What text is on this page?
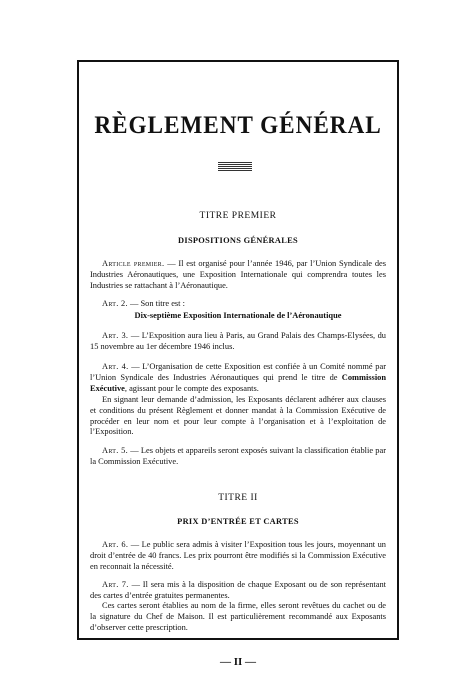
RÈGLEMENT GÉNÉRAL
TITRE PREMIER
DISPOSITIONS GÉNÉRALES
Article premier. — Il est organisé pour l’année 1946, par l’Union Syndicale des Industries Aéronautiques, une Exposition Internationale qui comprendra toutes les Industries se rattachant à l’Aéronautique.
Art. 2. — Son titre est :
Dix-septième Exposition Internationale de l’Aéronautique
Art. 3. — L’Exposition aura lieu à Paris, au Grand Palais des Champs-Elysées, du 15 novembre au 1er décembre 1946 inclus.
Art. 4. — L’Organisation de cette Exposition est confiée à un Comité nommé par l’Union Syndicale des Industries Aéronautiques qui prend le titre de Commission Exécutive, agissant pour le compte des exposants.
En signant leur demande d’admission, les Exposants déclarent adhérer aux clauses et conditions du présent Règlement et donner mandat à la Commission Exécutive de procéder en leur nom et pour leur compte à l’organisation et à l’exploitation de l’Exposition.
Art. 5. — Les objets et appareils seront exposés suivant la classification établie par la Commission Exécutive.
TITRE II
PRIX D’ENTRÉE ET CARTES
Art. 6. — Le public sera admis à visiter l’Exposition tous les jours, moyennant un droit d’entrée de 40 francs. Les prix pourront être modifiés si la Commission Exécutive en reconnait la nécessité.
Art. 7. — Il sera mis à la disposition de chaque Exposant ou de son représentant des cartes d’entrée gratuites permanentes.
Ces cartes seront établies au nom de la firme, elles seront revêtues du cachet ou de la signature du Chef de Maison. Il est particulièrement recommandé aux Exposants d’observer cette prescription.
— II —
